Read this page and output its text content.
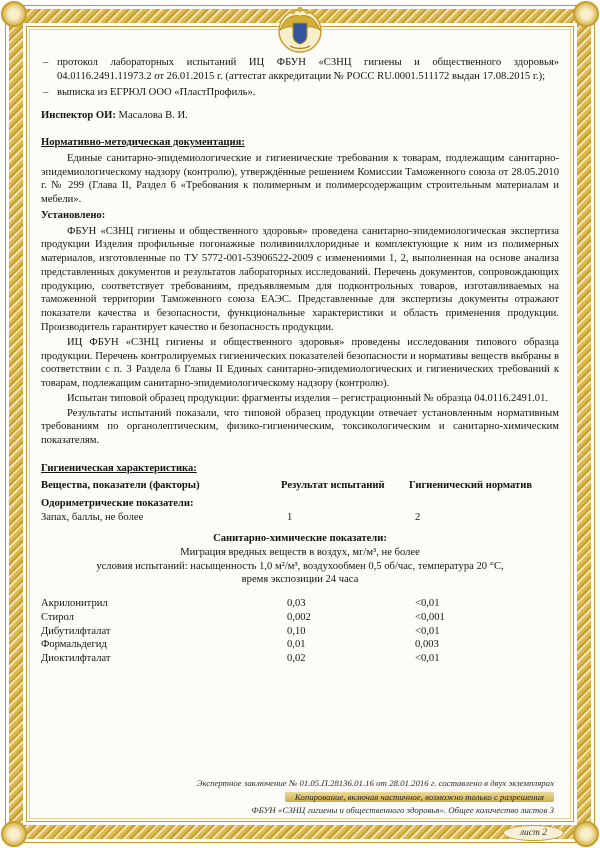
– протокол лабораторных испытаний ИЦ ФБУН «СЗНЦ гигиены и общественного здоровья» 04.0116.2491.11973.2 от 26.01.2015 г. (аттестат аккредитации № РОСС RU.0001.511172 выдан 17.08.2015 г.);
– выписка из ЕГРЮЛ ООО «ПластПрофиль».
Инспектор ОИ: Масалова В. И.
Нормативно-методическая документация:

Единые санитарно-эпидемиологические и гигиенические требования к товарам, подлежащим санитарно-эпидемиологическому надзору (контролю), утверждённые решением Комиссии Таможенного союза от 28.05.2010 г. № 299 (Глава II, Раздел 6 «Требования к полимерным и полимерсодержащим строительным материалам и мебели».

Установлено:

ФБУН «СЗНЦ гигиены и общественного здоровья» проведена санитарно-эпидемиологическая экспертиза продукции Изделия профильные погонажные поливинилхлоридные и комплектующие к ним из полимерных материалов, изготовленные по ТУ 5772-001-53906522-2009 с изменениями 1, 2, выполненная на основе анализа представленных документов и результатов лабораторных исследований. Перечень документов, сопровождающих продукцию, соответствует требованиям, предъявляемым для подконтрольных товаров, изготавливаемых на таможенной территории Таможенного союза ЕАЭС. Представленные для экспертизы документы отражают показатели качества и безопасности, функциональные характеристики и область применения продукции. Производитель гарантирует качество и безопасность продукции.

ИЦ ФБУН «СЗНЦ гигиены и общественного здоровья» проведены исследования типового образца продукции. Перечень контролируемых гигиенических показателей безопасности и нормативы веществ выбраны в соответствии с п. 3 Раздела 6 Главы II Единых санитарно-эпидемиологических и гигиенических требований к товарам, подлежащим санитарно-эпидемиологическому надзору (контролю).

Испытан типовой образец продукции: фрагменты изделия – регистрационный № образца 04.0116.2491.01.

Результаты испытаний показали, что типовой образец продукции отвечает установленным нормативным требованиям по органолептическим, физико-гигиеническим, токсикологическим и санитарно-химическим показателям.

Гигиеническая характеристика:
Вещества, показатели (факторы)	Результат испытаний	Гигиенический норматив
Одориметрические показатели:
Запах, баллы, не более	1	2
Санитарно-химические показатели:
Миграция вредных веществ в воздух, мг/м³, не более
условия испытаний: насыщенность 1,0 м²/м³, воздухообмен 0,5 об/час, температура 20 °С,
время экспозиции 24 часа
Акрилонитрил	0,03	<0,01
Стирол	0,002	<0,001
Дибутилфталат	0,10	<0,01
Формальдегид	0,01	0,003
Диоктилфталат	0,02	<0,01
Экспертное заключение № 01.05.П.28136.01.16 от 28.01.2016 г. составлено в двух экземплярах
Копирование, включая частичное, возможно только с разрешения
ФБУН «СЗНЦ гигиены и общественного здоровья». Общее количество листов 3
лист 2
